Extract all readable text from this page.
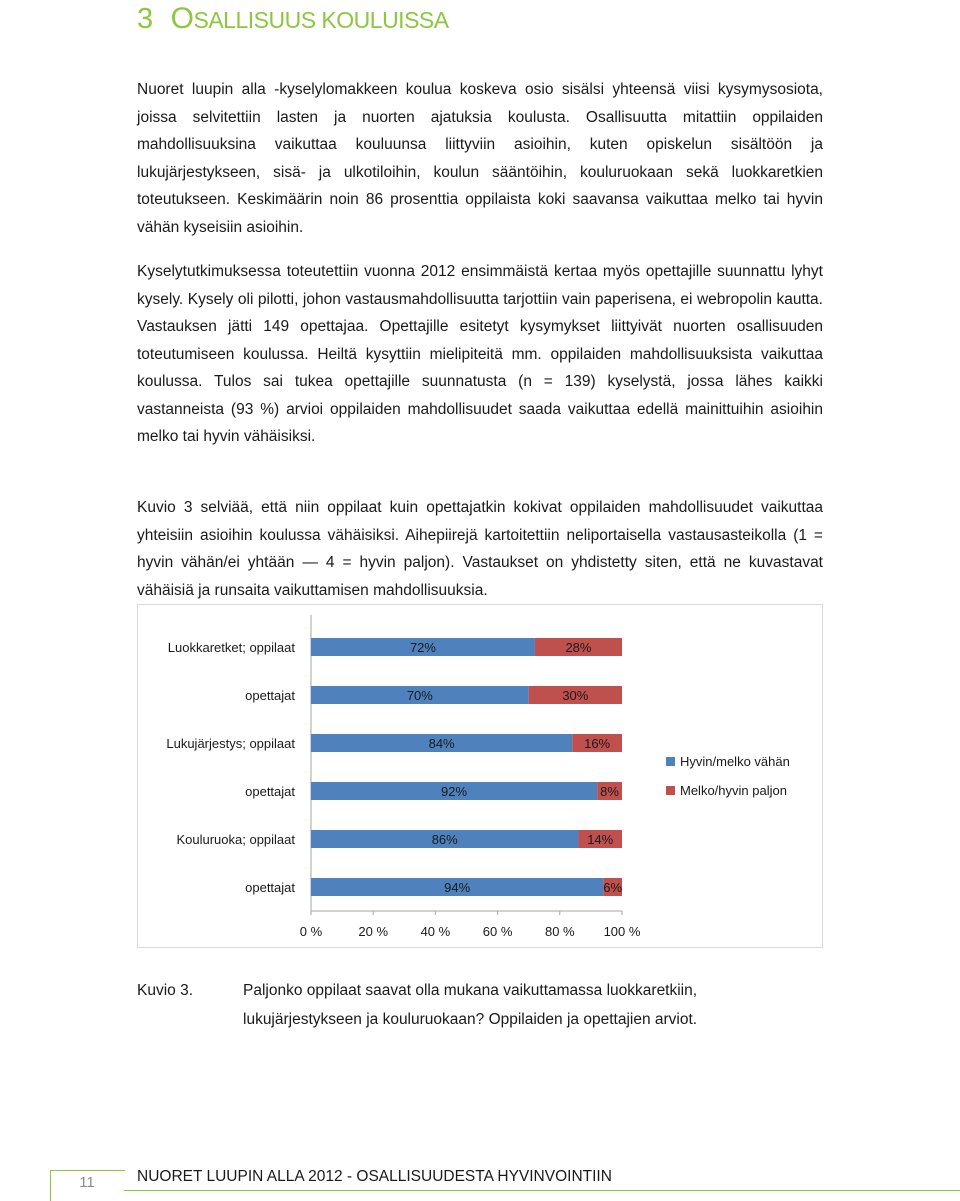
3 OSALLISUUS KOULUISSA

Nuoret luupin alla -kyselylomakkeen koulua koskeva osio sisälsi yhteensä viisi kysymysosiota, joissa selvitettiin lasten ja nuorten ajatuksia koulusta. Osallisuutta mitattiin oppilaiden mahdollisuuksina vaikuttaa kouluunsa liittyviin asioihin, kuten opiskelun sisältöön ja lukujärjestykseen, sisä- ja ulkotiloihin, koulun sääntöihin, kouluruokaan sekä luokkaretkien toteutukseen. Keskimäärin noin 86 prosenttia oppilaista koki saavansa vaikuttaa melko tai hyvin vähän kyseisiin asioihin.

Kyselytutkimuksessa toteutettiin vuonna 2012 ensimmäistä kertaa myös opettajille suunnattu lyhyt kysely. Kysely oli pilotti, johon vastausmahdollisuutta tarjottiin vain paperisena, ei webropolin kautta. Vastauksen jätti 149 opettajaa. Opettajille esitetyt kysymykset liittyivät nuorten osallisuuden toteutumiseen koulussa. Heiltä kysyttiin mielipiteitä mm. oppilaiden mahdollisuuksista vaikuttaa koulussa. Tulos sai tukea opettajille suunnatusta (n = 139) kyselystä, jossa lähes kaikki vastanneista (93 %) arvioi oppilaiden mahdollisuudet saada vaikuttaa edellä mainittuihin asioihin melko tai hyvin vähäisiksi.

Kuvio 3 selviää, että niin oppilaat kuin opettajatkin kokivat oppilaiden mahdollisuudet vaikuttaa yhteisiin asioihin koulussa vähäisiksi. Aihepiirejä kartoitettiin neliportaisella vastausasteikolla (1 = hyvin vähän/ei yhtään — 4 = hyvin paljon). Vastaukset on yhdistetty siten, että ne kuvastavat vähäisiä ja runsaita vaikuttamisen mahdollisuuksia.

Luokkaretket; oppilaat	72%	28%
opettajat	70%	30%
Lukujärjestys; oppilaat	84%	16%
opettajat	92%	8%
Kouluruoka; oppilaat	86%	14%
opettajat	94%	6%
0 %	20 %	40 %	60 %	80 % 100 %
Hyvin/melko vähän
Melko/hyvin paljon
Kuvio 3.	Paljonko oppilaat saavat olla mukana vaikuttamassa luokkaretkiin, lukujärjestykseen ja kouluruokaan? Oppilaiden ja opettajien arviot.
11	NUORET LUUPIN ALLA 2012 - OSALLISUUDESTA HYVINVOINTIIN
